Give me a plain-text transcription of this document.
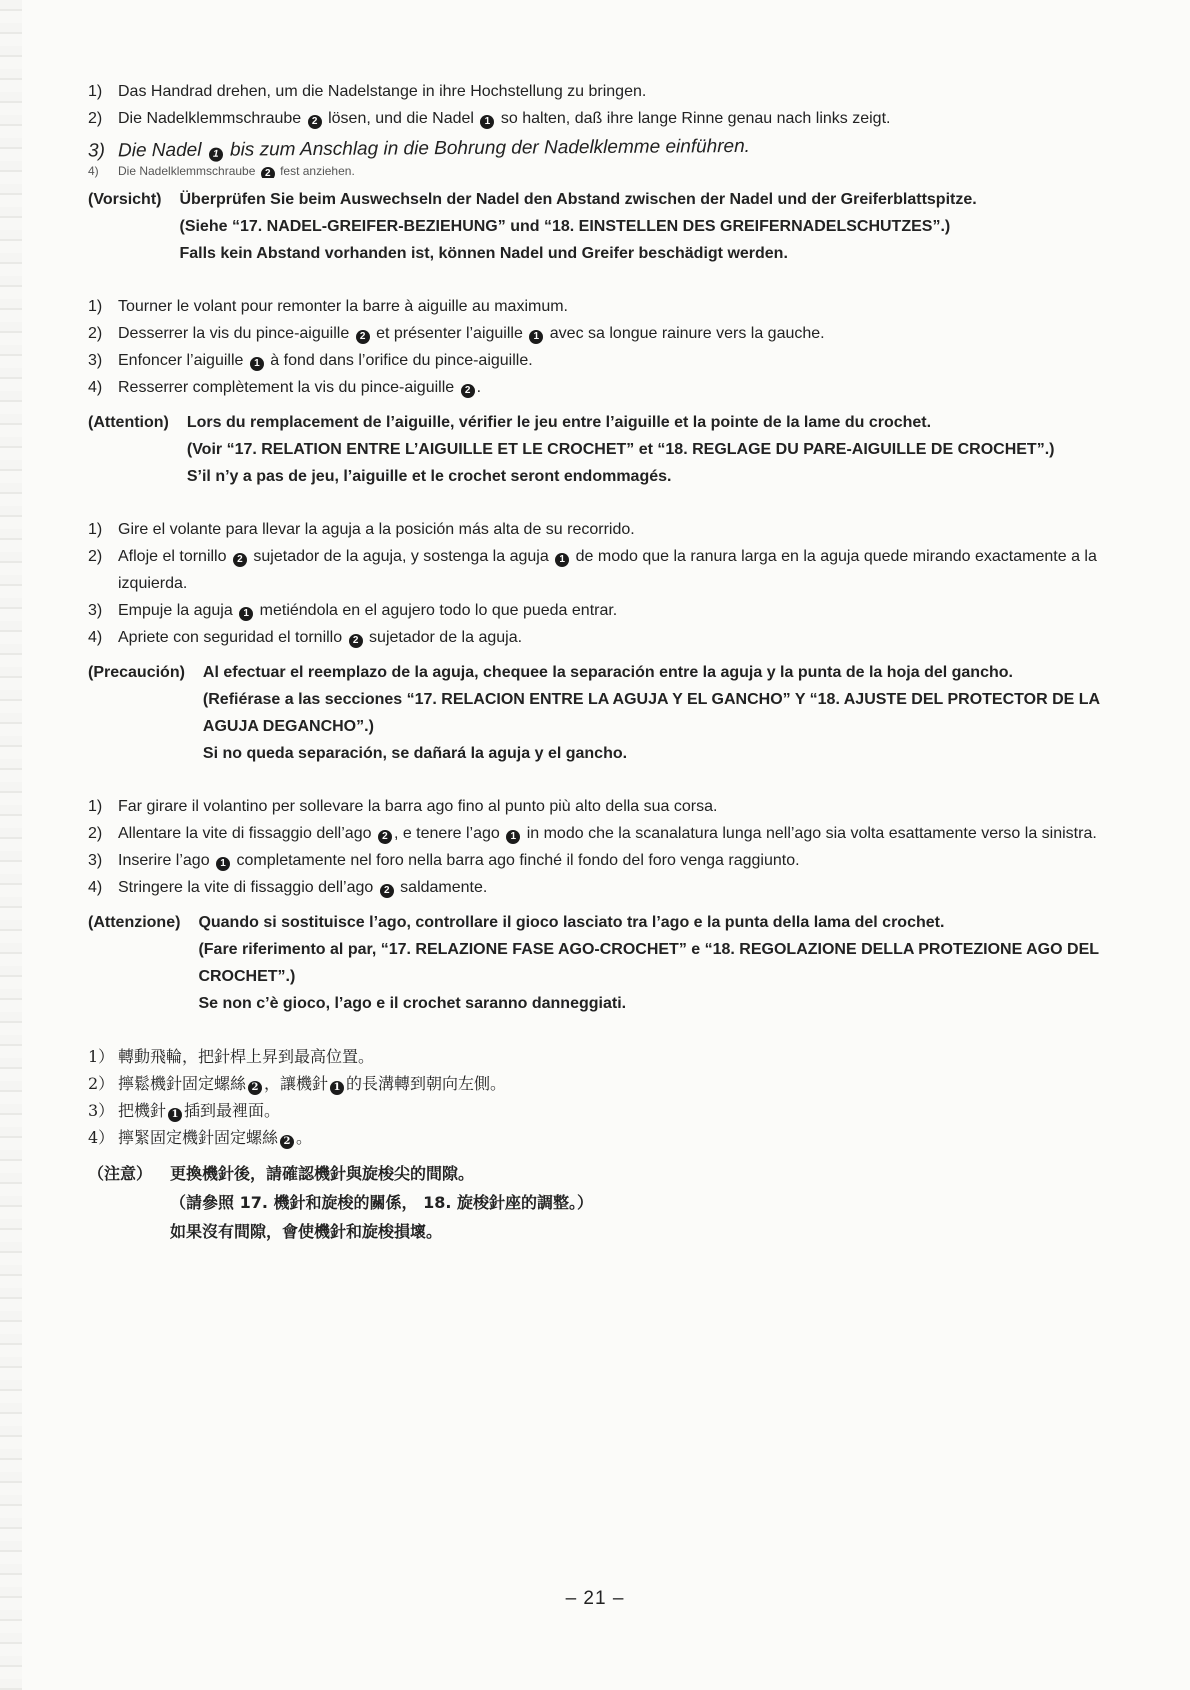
1) Das Handrad drehen, um die Nadelstange in ihre Hochstellung zu bringen.
2) Die Nadelklemmschraube 2 lösen, und die Nadel 1 so halten, daß ihre lange Rinne genau nach links zeigt.
3) Die Nadel 1 bis zum Anschlag in die Bohrung der Nadelklemme einführen.
4)	Die Nadelklemmschraube 2 fest anziehen.
(Vorsicht)	Überprüfen Sie beim Auswechseln der Nadel den Abstand zwischen der Nadel und der Greiferblattspitze.
(Siehe “17. NADEL-GREIFER-BEZIEHUNG” und “18. EINSTELLEN DES GREIFERNADELSCHUTZES”.)
Falls kein Abstand vorhanden ist, können Nadel und Greifer beschädigt werden.
1) Tourner le volant pour remonter la barre à aiguille au maximum.
2) Desserrer la vis du pince-aiguille 2 et présenter l’aiguille 1 avec sa longue rainure vers la gauche.
3) Enfoncer l’aiguille 1 à fond dans l’orifice du pince-aiguille.
4) Resserrer complètement la vis du pince-aiguille 2 .
(Attention)	Lors du remplacement de l’aiguille, vérifier le jeu entre l’aiguille et la pointe de la lame du crochet.
(Voir “17. RELATION ENTRE L’AIGUILLE ET LE CROCHET” et “18. REGLAGE DU PARE-AIGUILLE DE CROCHET”.)
S’il n’y a pas de jeu, l’aiguille et le crochet seront endommagés.
1) Gire el volante para llevar la aguja a la posición más alta de su recorrido.
2) Afloje el tornillo 2 sujetador de la aguja, y sostenga la aguja 1 de modo que la ranura larga en la aguja quede mirando exactamente a la izquierda.
3) Empuje la aguja 1 metiéndola en el agujero todo lo que pueda entrar.
4) Apriete con seguridad el tornillo 2 sujetador de la aguja.
(Precaución)	Al efectuar el reemplazo de la aguja, chequee la separación entre la aguja y la punta de la hoja del gancho.
(Refiérase a las secciones “17. RELACION ENTRE LA AGUJA Y EL GANCHO” Y “18. AJUSTE DEL PROTECTOR DE LA AGUJA DEGANCHO”.)
Si no queda separación, se dañará la aguja y el gancho.
1) Far girare il volantino per sollevare la barra ago fino al punto più alto della sua corsa.
2) Allentare la vite di fissaggio dell’ago 2 , e tenere l’ago 1 in modo che la scanalatura lunga nell’ago sia volta esattamente verso la sinistra.
3) Inserire l’ago 1 completamente nel foro nella barra ago finché il fondo del foro venga raggiunto.
4) Stringere la vite di fissaggio dell’ago 2 saldamente.
(Attenzione)	Quando si sostituisce l’ago, controllare il gioco lasciato tra l’ago e la punta della lama del crochet.
(Fare riferimento al par, “17. RELAZIONE FASE AGO-CROCHET” e “18. REGOLAZIONE DELLA PROTEZIONE AGO DEL CROCHET”.)
Se non c’è gioco, l’ago e il crochet saranno danneggiati.
1） 轉動飛輪，把針桿上昇到最高位置。
2） 擰鬆機針固定螺絲 2 ，讓機針 1 的長溝轉到朝向左側。
3） 把機針 1 插到最裡面。
4） 擰緊固定機針固定螺絲 2 。
（注意）	更換機針後，請確認機針與旋梭尖的間隙。
（請參照 17. 機針和旋梭的關係， 18. 旋梭針座的調整。）
如果沒有間隙，會使機針和旋梭損壞。
– 21 –
